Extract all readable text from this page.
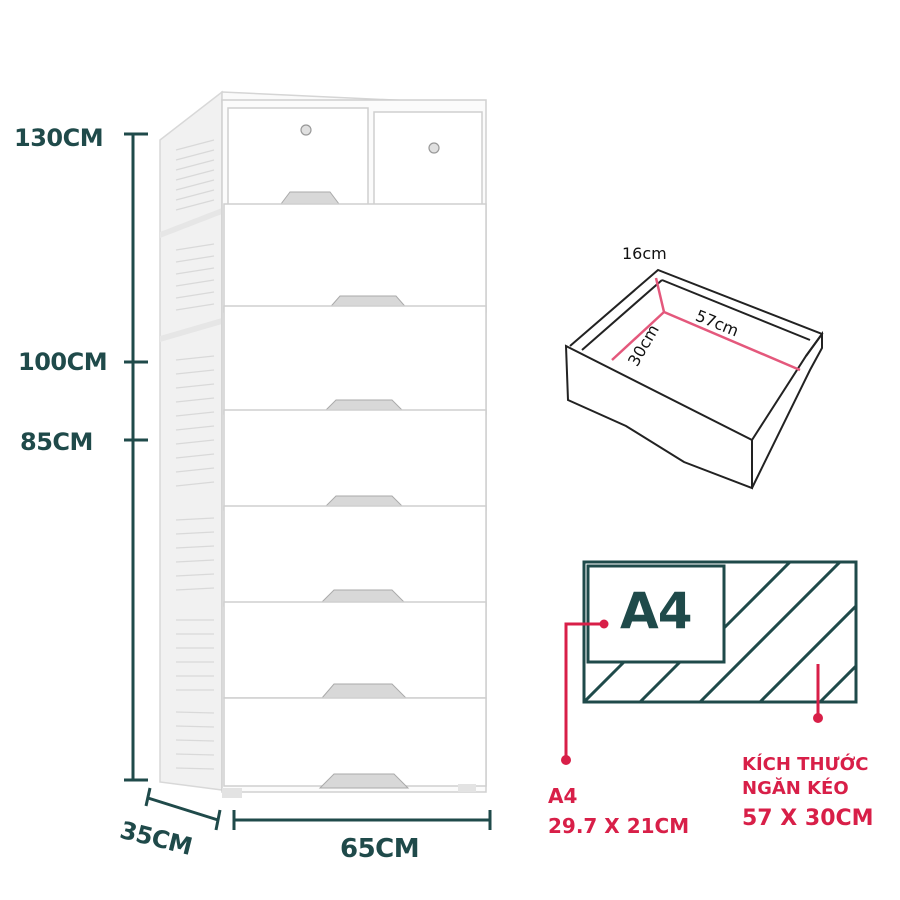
16cm
57cm
30cm
A4
A4
29.7 X 21CM
KÍCH THƯỚC
NGĂN KÉO
57 X 30CM
130CM
100CM
85CM
35CM	65CM
